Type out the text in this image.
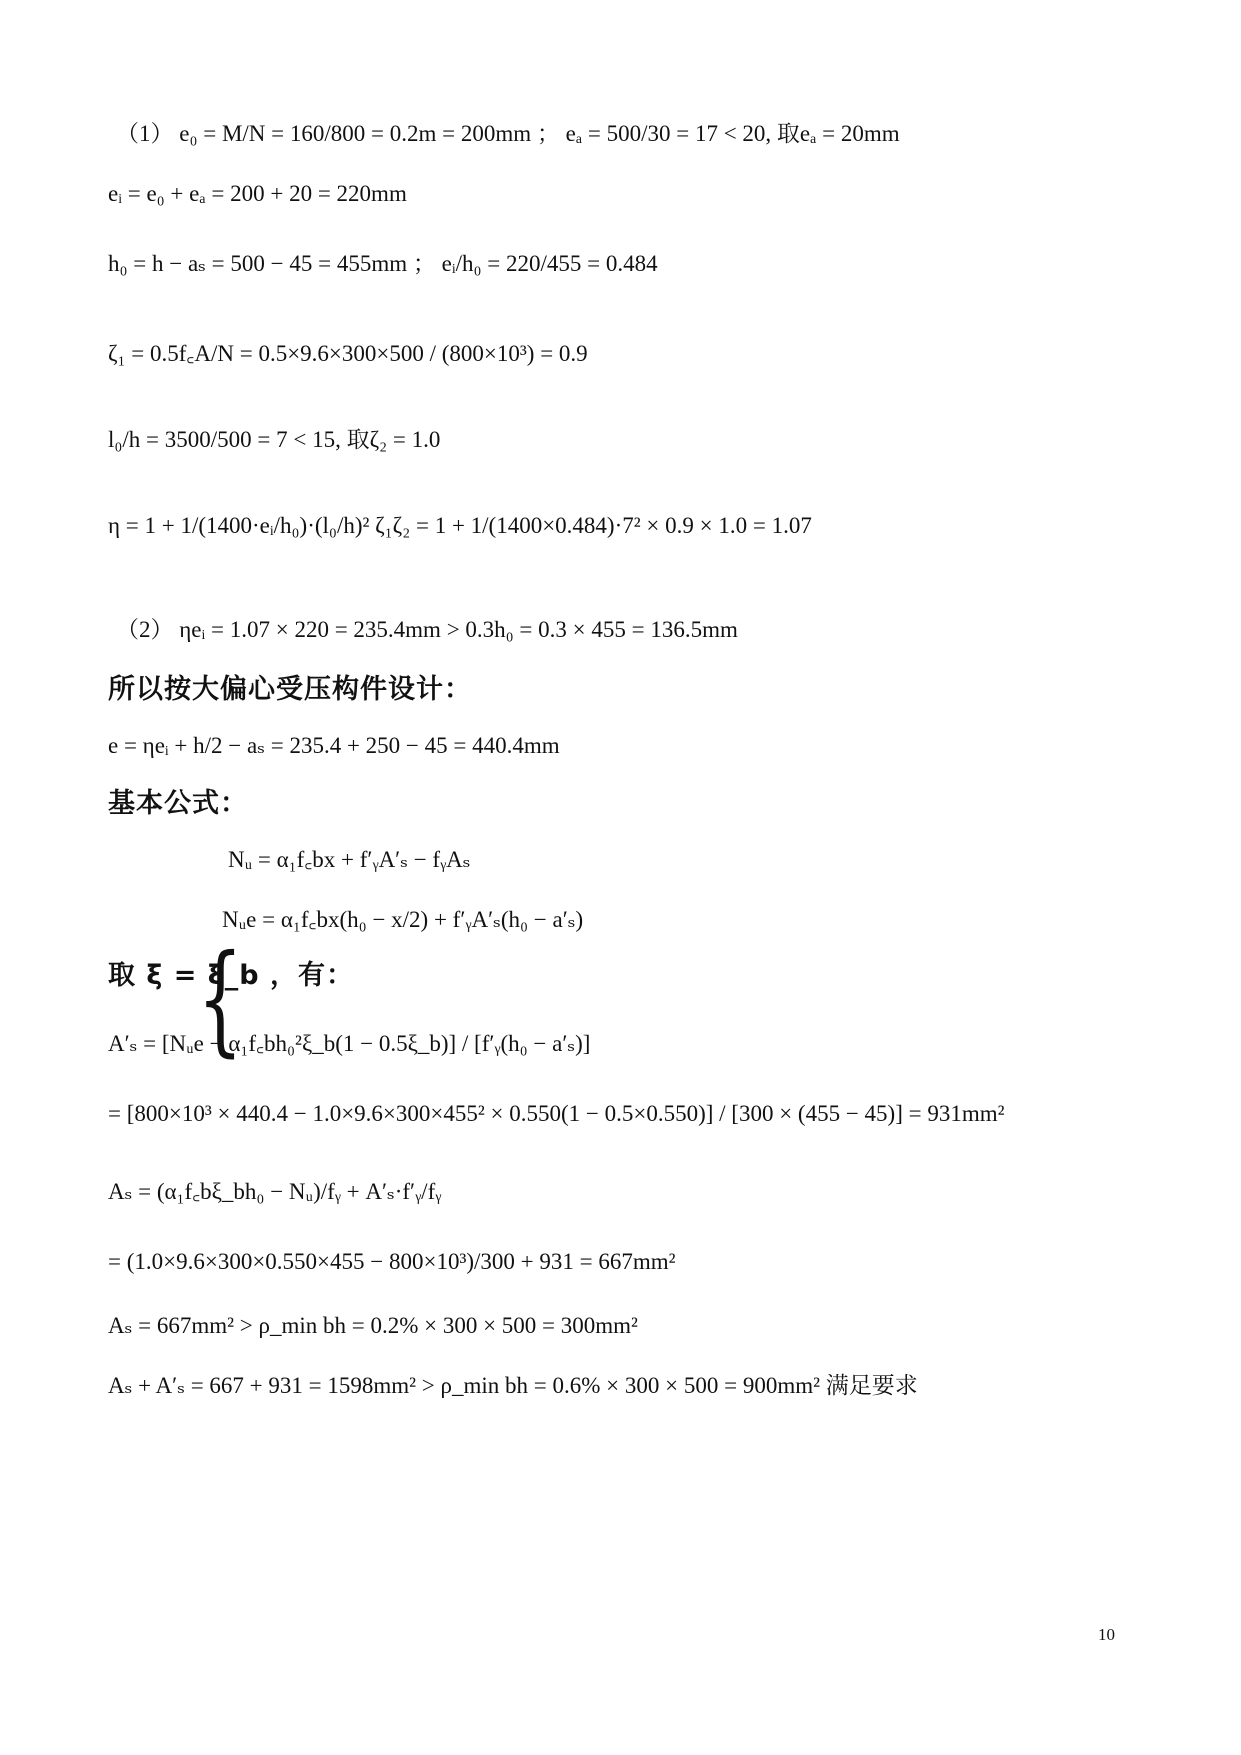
（1） e₀ = M/N = 160/800 = 0.2m = 200mm ； eₐ = 500/30 = 17 < 20, 取eₐ = 20mm
eᵢ = e₀ + eₐ = 200 + 20 = 220mm
h₀ = h − aₛ = 500 − 45 = 455mm ； eᵢ/h₀ = 220/455 = 0.484
ζ₁ = 0.5f꜀A/N = 0.5×9.6×300×500 / (800×10³) = 0.9
l₀/h = 3500/500 = 7 < 15, 取ζ₂ = 1.0
η = 1 + 1/(1400·eᵢ/h₀)·(l₀/h)² ζ₁ζ₂ = 1 + 1/(1400×0.484)·7² × 0.9 × 1.0 = 1.07
（2） ηeᵢ = 1.07 × 220 = 235.4mm > 0.3h₀ = 0.3 × 455 = 136.5mm
所以按大偏心受压构件设计：
e = ηeᵢ + h/2 − aₛ = 235.4 + 250 − 45 = 440.4mm
基本公式：
{
Nᵤ = α₁f꜀bx + f′ᵧA′ₛ − fᵧAₛ
Nᵤe = α₁f꜀bx(h₀ − x/2) + f′ᵧA′ₛ(h₀ − a′ₛ)
取 ξ = ξ_b ，有：
A′ₛ = [Nᵤe − α₁f꜀bh₀²ξ_b(1 − 0.5ξ_b)] / [f′ᵧ(h₀ − a′ₛ)]
= [800×10³ × 440.4 − 1.0×9.6×300×455² × 0.550(1 − 0.5×0.550)] / [300 × (455 − 45)] = 931mm²
Aₛ = (α₁f꜀bξ_bh₀ − Nᵤ)/fᵧ + A′ₛ·f′ᵧ/fᵧ
= (1.0×9.6×300×0.550×455 − 800×10³)/300 + 931 = 667mm²
Aₛ = 667mm² > ρ_min bh = 0.2% × 300 × 500 = 300mm²
Aₛ + A′ₛ = 667 + 931 = 1598mm² > ρ_min bh = 0.6% × 300 × 500 = 900mm² 满足要求
10
